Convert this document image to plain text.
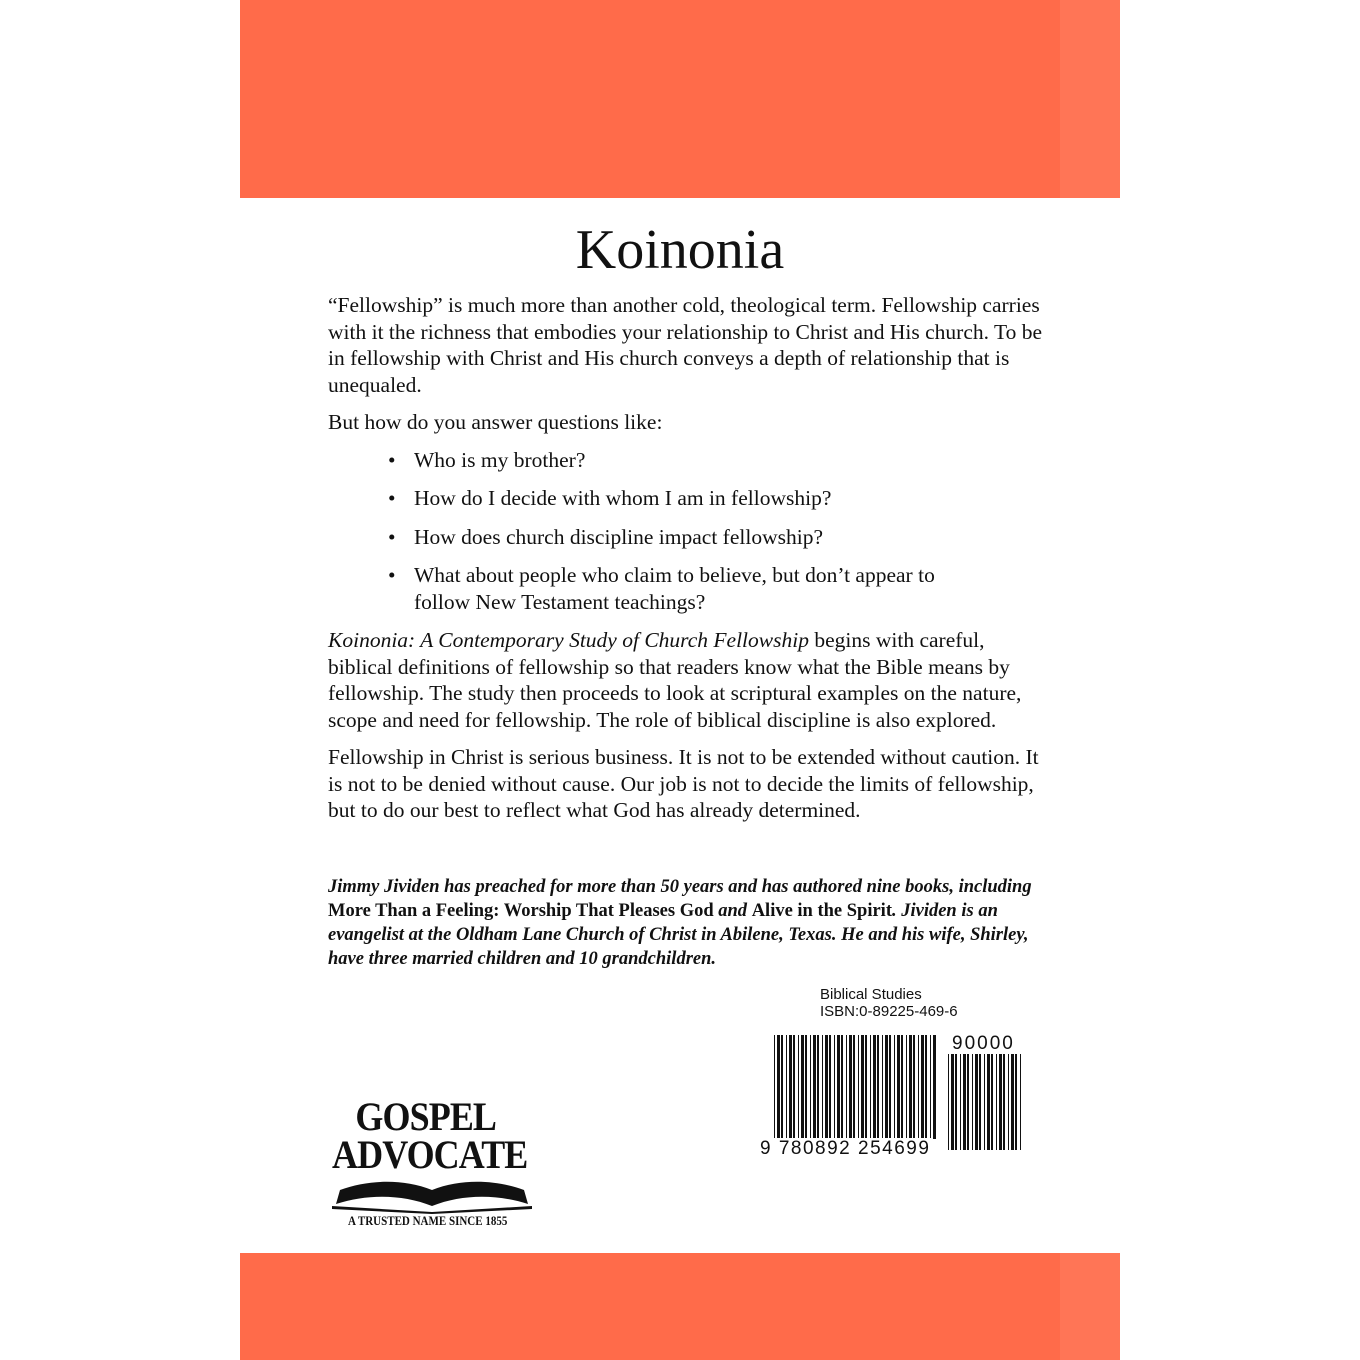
Koinonia

“Fellowship” is much more than another cold, theological term. Fellowship carries with it the richness that embodies your relationship to Christ and His church. To be in fellowship with Christ and His church conveys a depth of relationship that is unequaled.

But how do you answer questions like:

• Who is my brother?
• How do I decide with whom I am in fellowship?
• How does church discipline impact fellowship?
• What about people who claim to believe, but don’t appear to follow New Testament teachings?

Koinonia: A Contemporary Study of Church Fellowship begins with careful, biblical definitions of fellowship so that readers know what the Bible means by fellowship. The study then proceeds to look at scriptural examples on the nature, scope and need for fellowship. The role of biblical discipline is also explored.

Fellowship in Christ is serious business. It is not to be extended without caution. It is not to be denied without cause. Our job is not to decide the limits of fellowship, but to do our best to reflect what God has already determined.

Jimmy Jividen has preached for more than 50 years and has authored nine books, including More Than a Feeling: Worship That Pleases God and Alive in the Spirit. Jividen is an evangelist at the Oldham Lane Church of Christ in Abilene, Texas. He and his wife, Shirley, have three married children and 10 grandchildren.
Biblical Studies
ISBN:0-89225-469-6
9 780892 254699
90000
GOSPEL
ADVOCATE
A TRUSTED NAME SINCE 1855
